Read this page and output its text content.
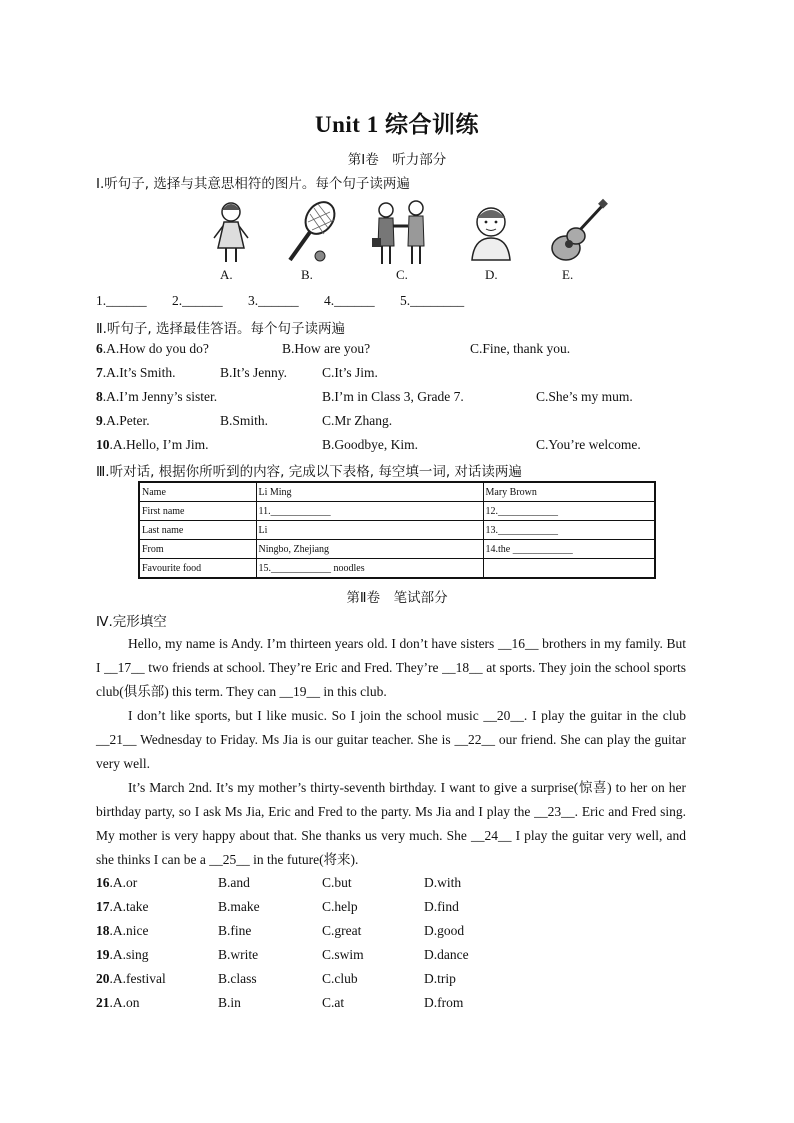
Unit 1 综合训练
第Ⅰ卷　听力部分
Ⅰ.听句子, 选择与其意思相符的图片。每个句子读两遍
A.	B.	C.	D.	E.
1.______ 2.______ 3.______ 4.______ 5.________
Ⅱ.听句子, 选择最佳答语。每个句子读两遍
6.A.How do you do?	B.How are you?	C.Fine, thank you.
7.A.It’s Smith.	B.It’s Jenny.	C.It’s Jim.
8.A.I’m Jenny’s sister.	B.I’m in Class 3, Grade 7.	C.She’s my mum.
9.A.Peter.	B.Smith.	C.Mr Zhang.
10.A.Hello, I’m Jim.	B.Goodbye, Kim.	C.You’re welcome.
Ⅲ.听对话, 根据你所听到的内容, 完成以下表格, 每空填一词, 对话读两遍
Name	Li Ming	Mary Brown
First name	11.____________	12.____________
Last name	Li	13.____________
From	Ningbo, Zhejiang	14.the ____________
Favourite food	15.____________ noodles	
第Ⅱ卷　笔试部分
Ⅳ.完形填空

Hello, my name is Andy. I’m thirteen years old. I don’t have sisters __16__ brothers in my family. But I __17__ two friends at school. They’re Eric and Fred. They’re __18__ at sports. They join the school sports club(俱乐部) this term. They can __19__ in this club.

I don’t like sports, but I like music. So I join the school music __20__. I play the guitar in the club __21__ Wednesday to Friday. Ms Jia is our guitar teacher. She is __22__ our friend. She can play the guitar very well.

It’s March 2nd. It’s my mother’s thirty-seventh birthday. I want to give a surprise(惊喜) to her on her birthday party, so I ask Ms Jia, Eric and Fred to the party. Ms Jia and I play the __23__. Eric and Fred sing. My mother is very happy about that. She thanks us very much. She __24__ I play the guitar very well, and she thinks I can be a __25__ in the future(将来).

16.A.or	B.and	C.but	D.with
17.A.take	B.make	C.help	D.find
18.A.nice	B.fine	C.great	D.good
19.A.sing	B.write	C.swim	D.dance
20.A.festival	B.class	C.club	D.trip
21.A.on	B.in	C.at	D.from
